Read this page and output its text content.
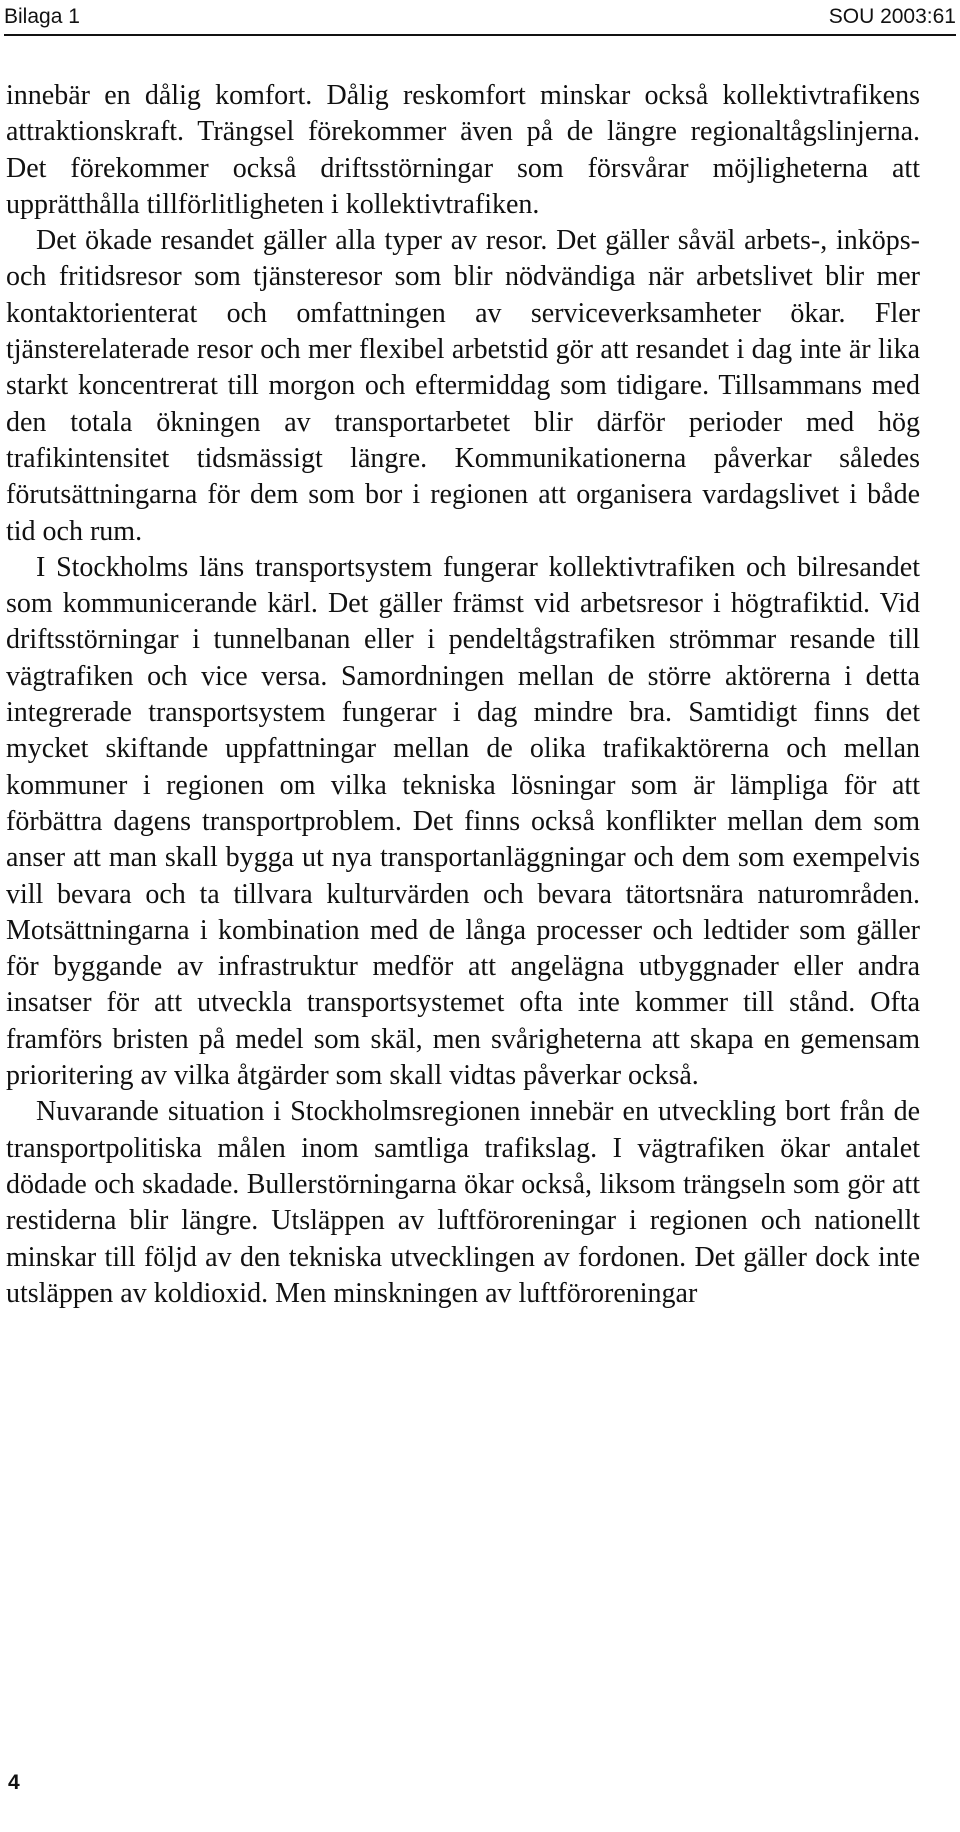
Bilaga 1	SOU 2003:61

innebär en dålig komfort. Dålig reskomfort minskar också kollektivtrafikens attraktionskraft. Trängsel förekommer även på de längre regionaltågslinjerna. Det förekommer också driftsstörningar som försvårar möjligheterna att upprätthålla tillförlitligheten i kollektivtrafiken.

Det ökade resandet gäller alla typer av resor. Det gäller såväl arbets-, inköps- och fritidsresor som tjänsteresor som blir nödvändiga när arbetslivet blir mer kontaktorienterat och omfattningen av serviceverksamheter ökar. Fler tjänsterelaterade resor och mer flexibel arbetstid gör att resandet i dag inte är lika starkt koncentrerat till morgon och eftermiddag som tidigare. Tillsammans med den totala ökningen av transportarbetet blir därför perioder med hög trafikintensitet tidsmässigt längre. Kommunikationerna påverkar således förutsättningarna för dem som bor i regionen att organisera vardagslivet i både tid och rum.

I Stockholms läns transportsystem fungerar kollektivtrafiken och bilresandet som kommunicerande kärl. Det gäller främst vid arbetsresor i högtrafiktid. Vid driftsstörningar i tunnelbanan eller i pendeltågstrafiken strömmar resande till vägtrafiken och vice versa. Samordningen mellan de större aktörerna i detta integrerade transportsystem fungerar i dag mindre bra. Samtidigt finns det mycket skiftande uppfattningar mellan de olika trafikaktörerna och mellan kommuner i regionen om vilka tekniska lösningar som är lämpliga för att förbättra dagens transportproblem. Det finns också konflikter mellan dem som anser att man skall bygga ut nya transportanläggningar och dem som exempelvis vill bevara och ta tillvara kulturvärden och bevara tätortsnära naturområden. Motsättningarna i kombination med de långa processer och ledtider som gäller för byggande av infrastruktur medför att angelägna utbyggnader eller andra insatser för att utveckla transportsystemet ofta inte kommer till stånd. Ofta framförs bristen på medel som skäl, men svårigheterna att skapa en gemensam prioritering av vilka åtgärder som skall vidtas påverkar också.

Nuvarande situation i Stockholmsregionen innebär en utveckling bort från de transportpolitiska målen inom samtliga trafikslag. I vägtrafiken ökar antalet dödade och skadade. Bullerstörningarna ökar också, liksom trängseln som gör att restiderna blir längre. Utsläppen av luftföroreningar i regionen och nationellt minskar till följd av den tekniska utvecklingen av fordonen. Det gäller dock inte utsläppen av koldioxid. Men minskningen av luftföroreningar

4
